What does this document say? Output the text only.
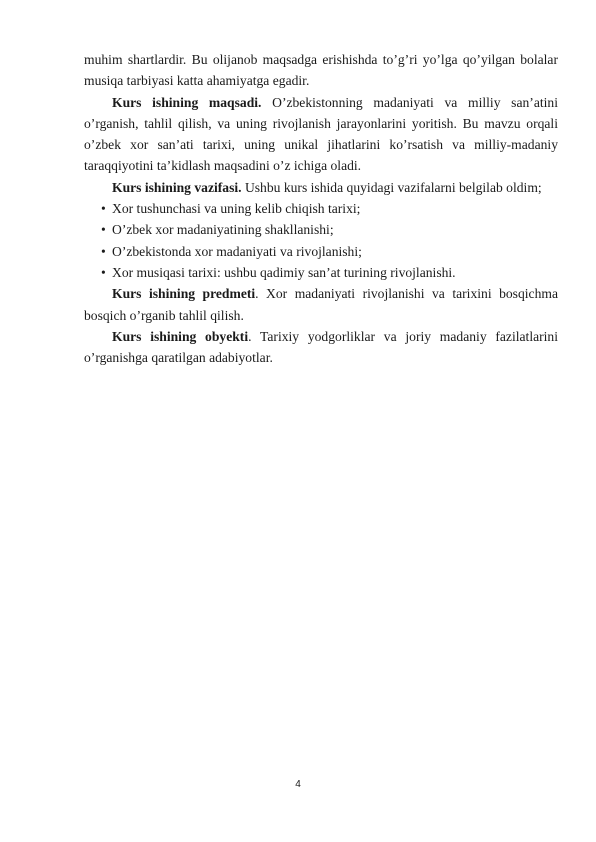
muhim shartlardir. Bu olijanob maqsadga erishishda to’g’ri yo’lga qo’yilgan bolalar musiqa tarbiyasi katta ahamiyatga egadir.

Kurs ishining maqsadi. O’zbekistonning madaniyati va milliy san’atini o’rganish, tahlil qilish, va uning rivojlanish jarayonlarini yoritish. Bu mavzu orqali o’zbek xor san’ati tarixi, uning unikal jihatlarini ko’rsatish va milliy-madaniy taraqqiyotini ta’kidlash maqsadini o’z ichiga oladi.

Kurs ishining vazifasi. Ushbu kurs ishida quyidagi vazifalarni belgilab oldim;

• Xor tushunchasi va uning kelib chiqish tarixi;
• O’zbek xor madaniyatining shakllanishi;
• O’zbekistonda xor madaniyati va rivojlanishi;
• Xor musiqasi tarixi: ushbu qadimiy san’at turining rivojlanishi.

Kurs ishining predmeti. Xor madaniyati rivojlanishi va tarixini bosqichma bosqich o’rganib tahlil qilish.

Kurs ishining obyekti. Tarixiy yodgorliklar va joriy madaniy fazilatlarini o’rganishga qaratilgan adabiyotlar.

4
